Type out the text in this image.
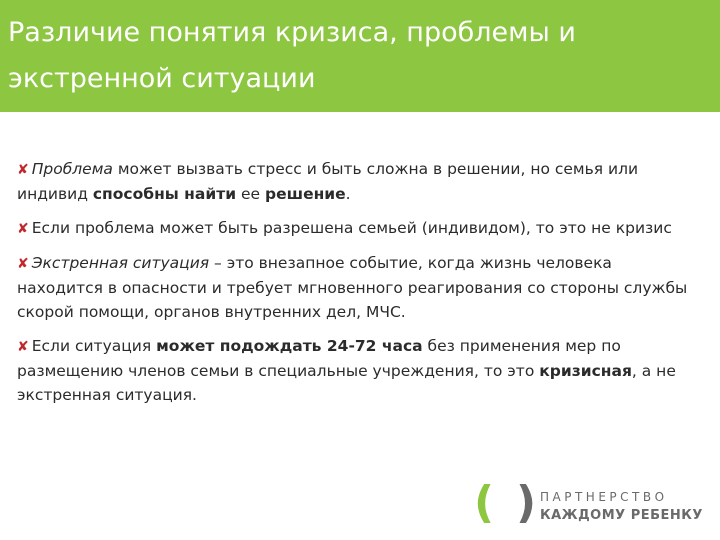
Различие понятия кризиса, проблемы и
экстренной ситуации

✘ Проблема может вызвать стресс и быть сложна в решении, но семья или индивид способны найти ее решение.

✘ Если проблема может быть разрешена семьей (индивидом), то это не кризис

✘ Экстренная ситуация – это внезапное событие, когда жизнь человека находится в опасности и требует мгновенного реагирования со стороны службы скорой помощи, органов внутренних дел, МЧС.

✘ Если ситуация может подождать 24-72 часа без применения мер по размещению членов семьи в специальные учреждения, то это кризисная, а не экстренная ситуация.

( ) ПАРТНЕРСТВО
КАЖДОМУ РЕБЕНКУ
